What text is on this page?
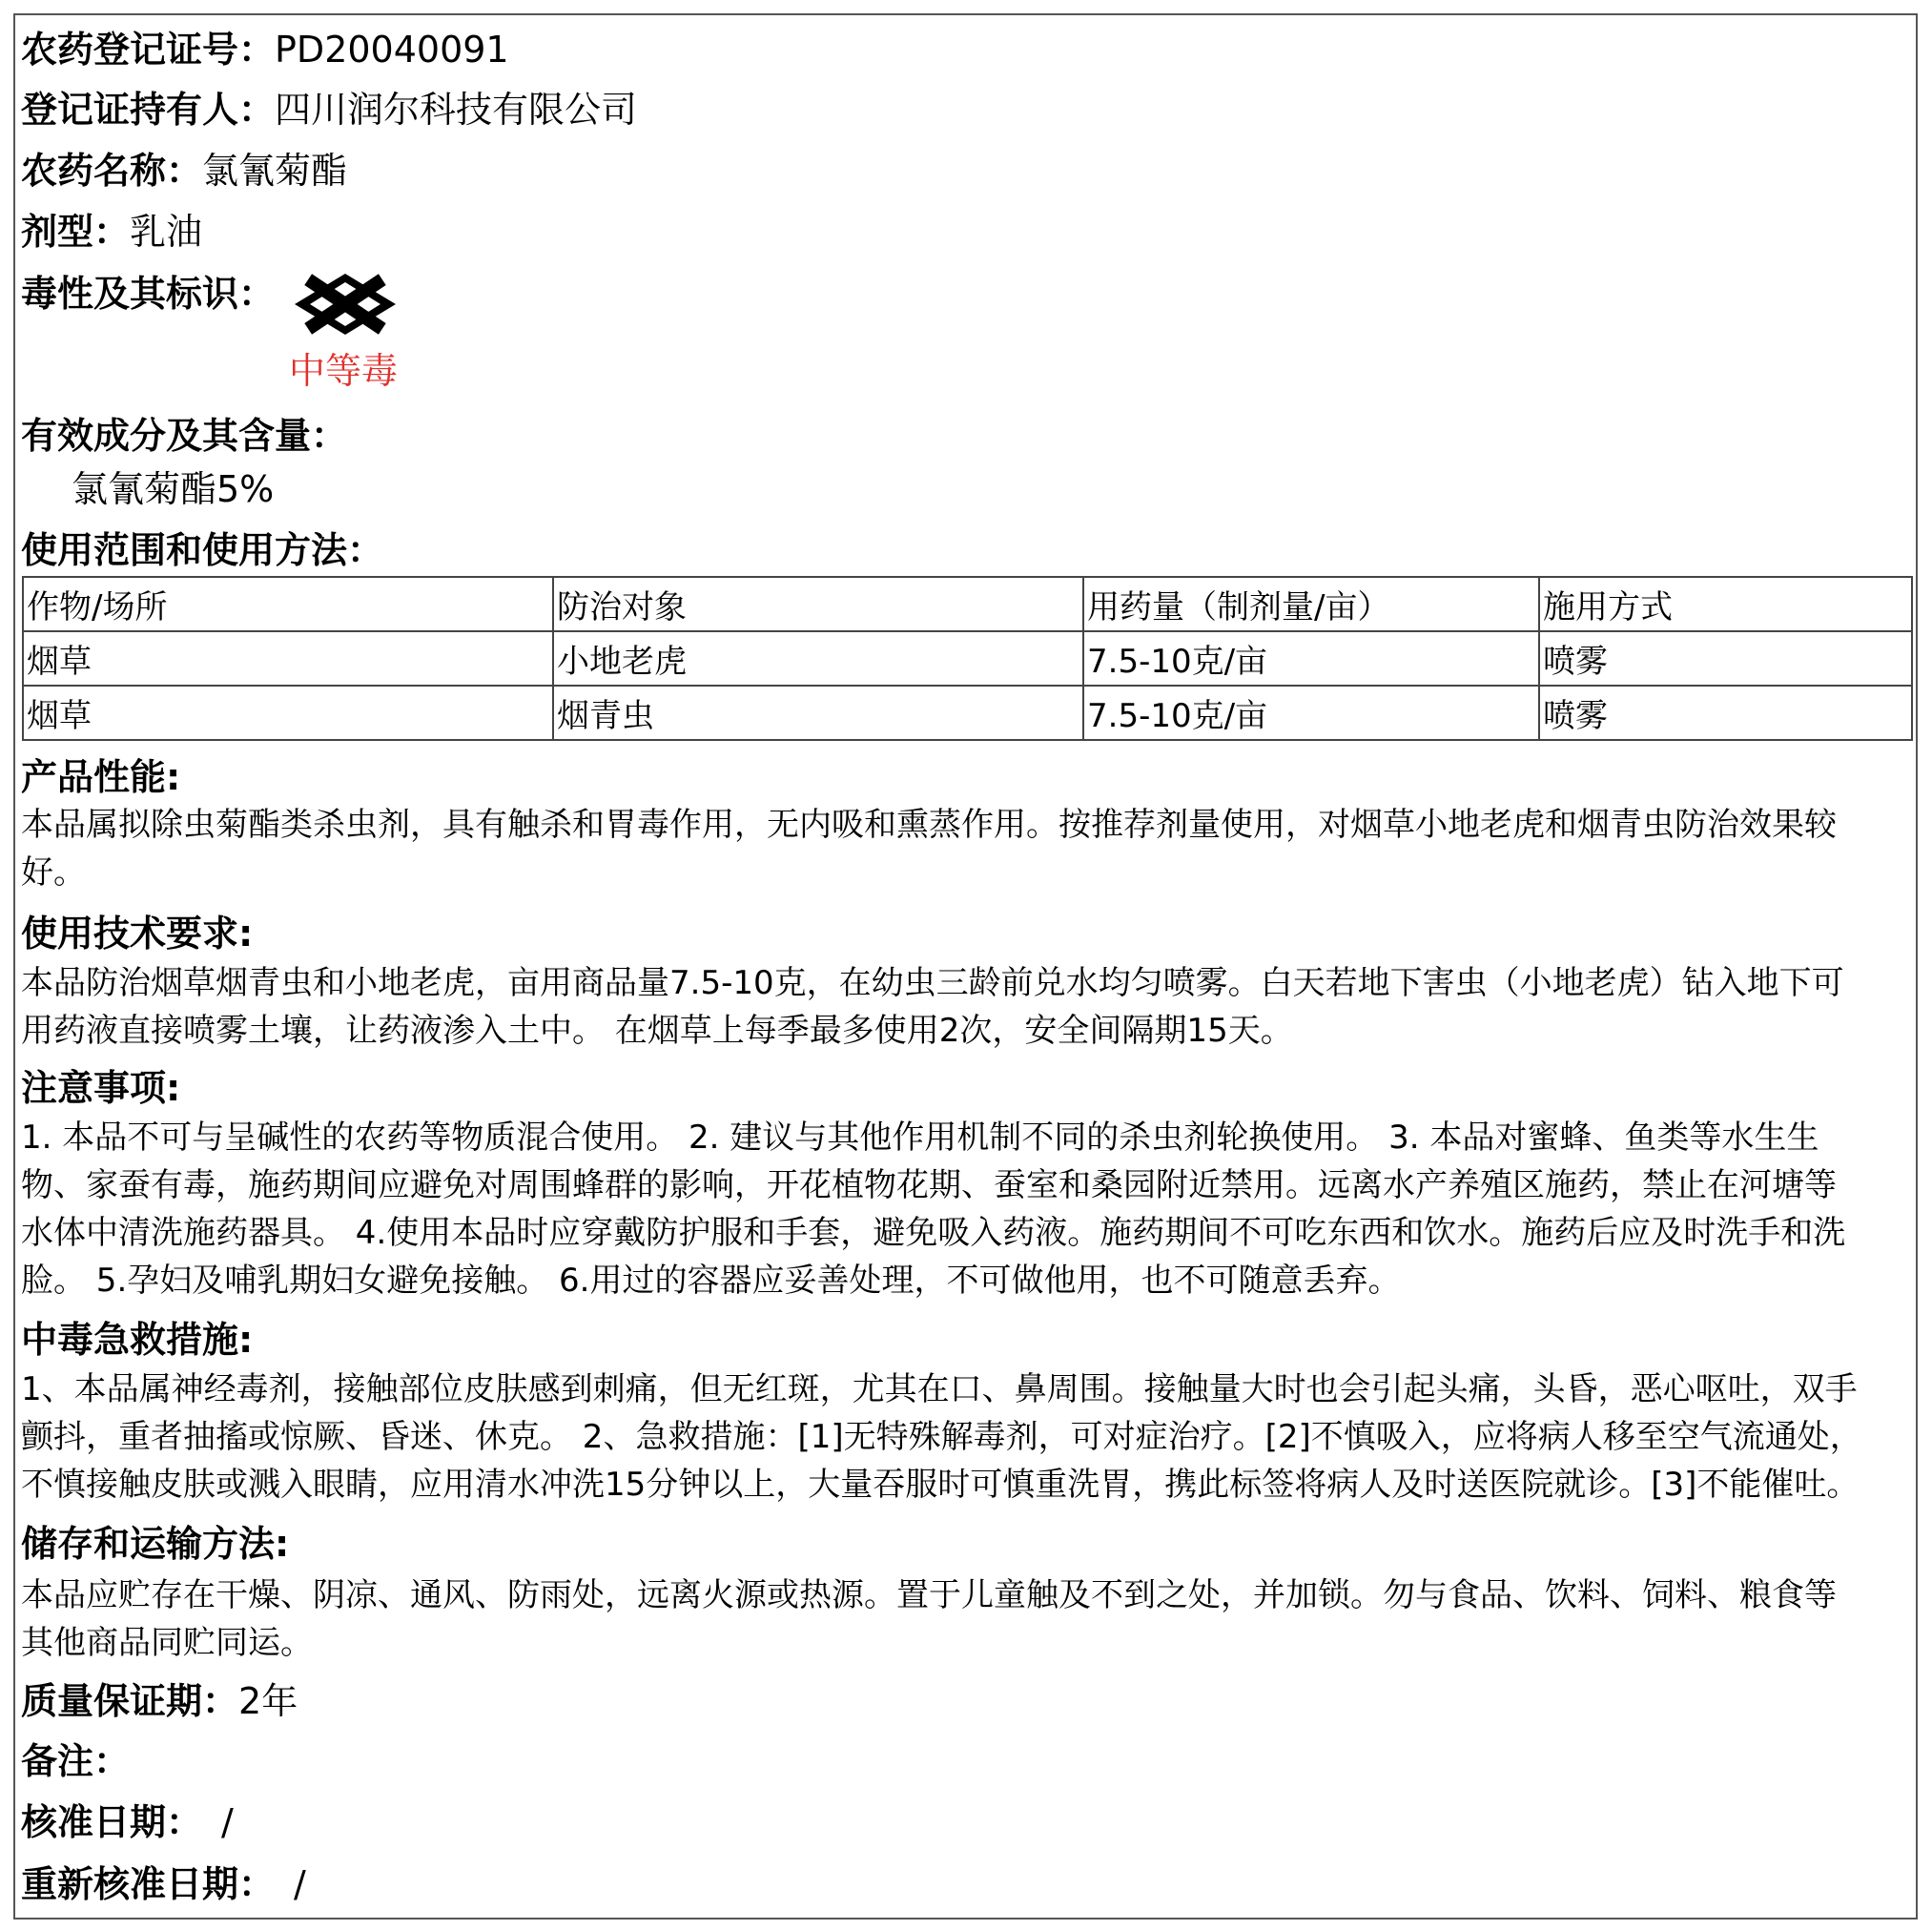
农药登记证号：PD20040091
登记证持有人：四川润尔科技有限公司
农药名称：氯氰菊酯
剂型：乳油
毒性及其标识：
中等毒
有效成分及其含量：
氯氰菊酯5%
使用范围和使用方法：
作物/场所	防治对象	用药量（制剂量/亩）	施用方式
烟草	小地老虎	7.5-10克/亩	喷雾
烟草	烟青虫	7.5-10克/亩	喷雾
产品性能:
本品属拟除虫菊酯类杀虫剂，具有触杀和胃毒作用，无内吸和熏蒸作用。按推荐剂量使用，对烟草小地老虎和烟青虫防治效果较
好。
使用技术要求:
本品防治烟草烟青虫和小地老虎，亩用商品量7.5-10克，在幼虫三龄前兑水均匀喷雾。白天若地下害虫（小地老虎）钻入地下可
用药液直接喷雾土壤，让药液渗入土中。 在烟草上每季最多使用2次，安全间隔期15天。
注意事项:
1. 本品不可与呈碱性的农药等物质混合使用。 2. 建议与其他作用机制不同的杀虫剂轮换使用。 3. 本品对蜜蜂、鱼类等水生生
物、家蚕有毒，施药期间应避免对周围蜂群的影响，开花植物花期、蚕室和桑园附近禁用。远离水产养殖区施药，禁止在河塘等
水体中清洗施药器具。 4.使用本品时应穿戴防护服和手套，避免吸入药液。施药期间不可吃东西和饮水。施药后应及时洗手和洗
脸。 5.孕妇及哺乳期妇女避免接触。 6.用过的容器应妥善处理，不可做他用，也不可随意丢弃。
中毒急救措施:
1、本品属神经毒剂，接触部位皮肤感到刺痛，但无红斑，尤其在口、鼻周围。接触量大时也会引起头痛，头昏，恶心呕吐，双手
颤抖，重者抽搐或惊厥、昏迷、休克。 2、急救措施：[1]无特殊解毒剂，可对症治疗。[2]不慎吸入，应将病人移至空气流通处，
不慎接触皮肤或溅入眼睛，应用清水冲洗15分钟以上，大量吞服时可慎重洗胃，携此标签将病人及时送医院就诊。[3]不能催吐。
储存和运输方法:
本品应贮存在干燥、阴凉、通风、防雨处，远离火源或热源。置于儿童触及不到之处，并加锁。勿与食品、饮料、饲料、粮食等
其他商品同贮同运。
质量保证期：2年
备注：
核准日期： /
重新核准日期： /
